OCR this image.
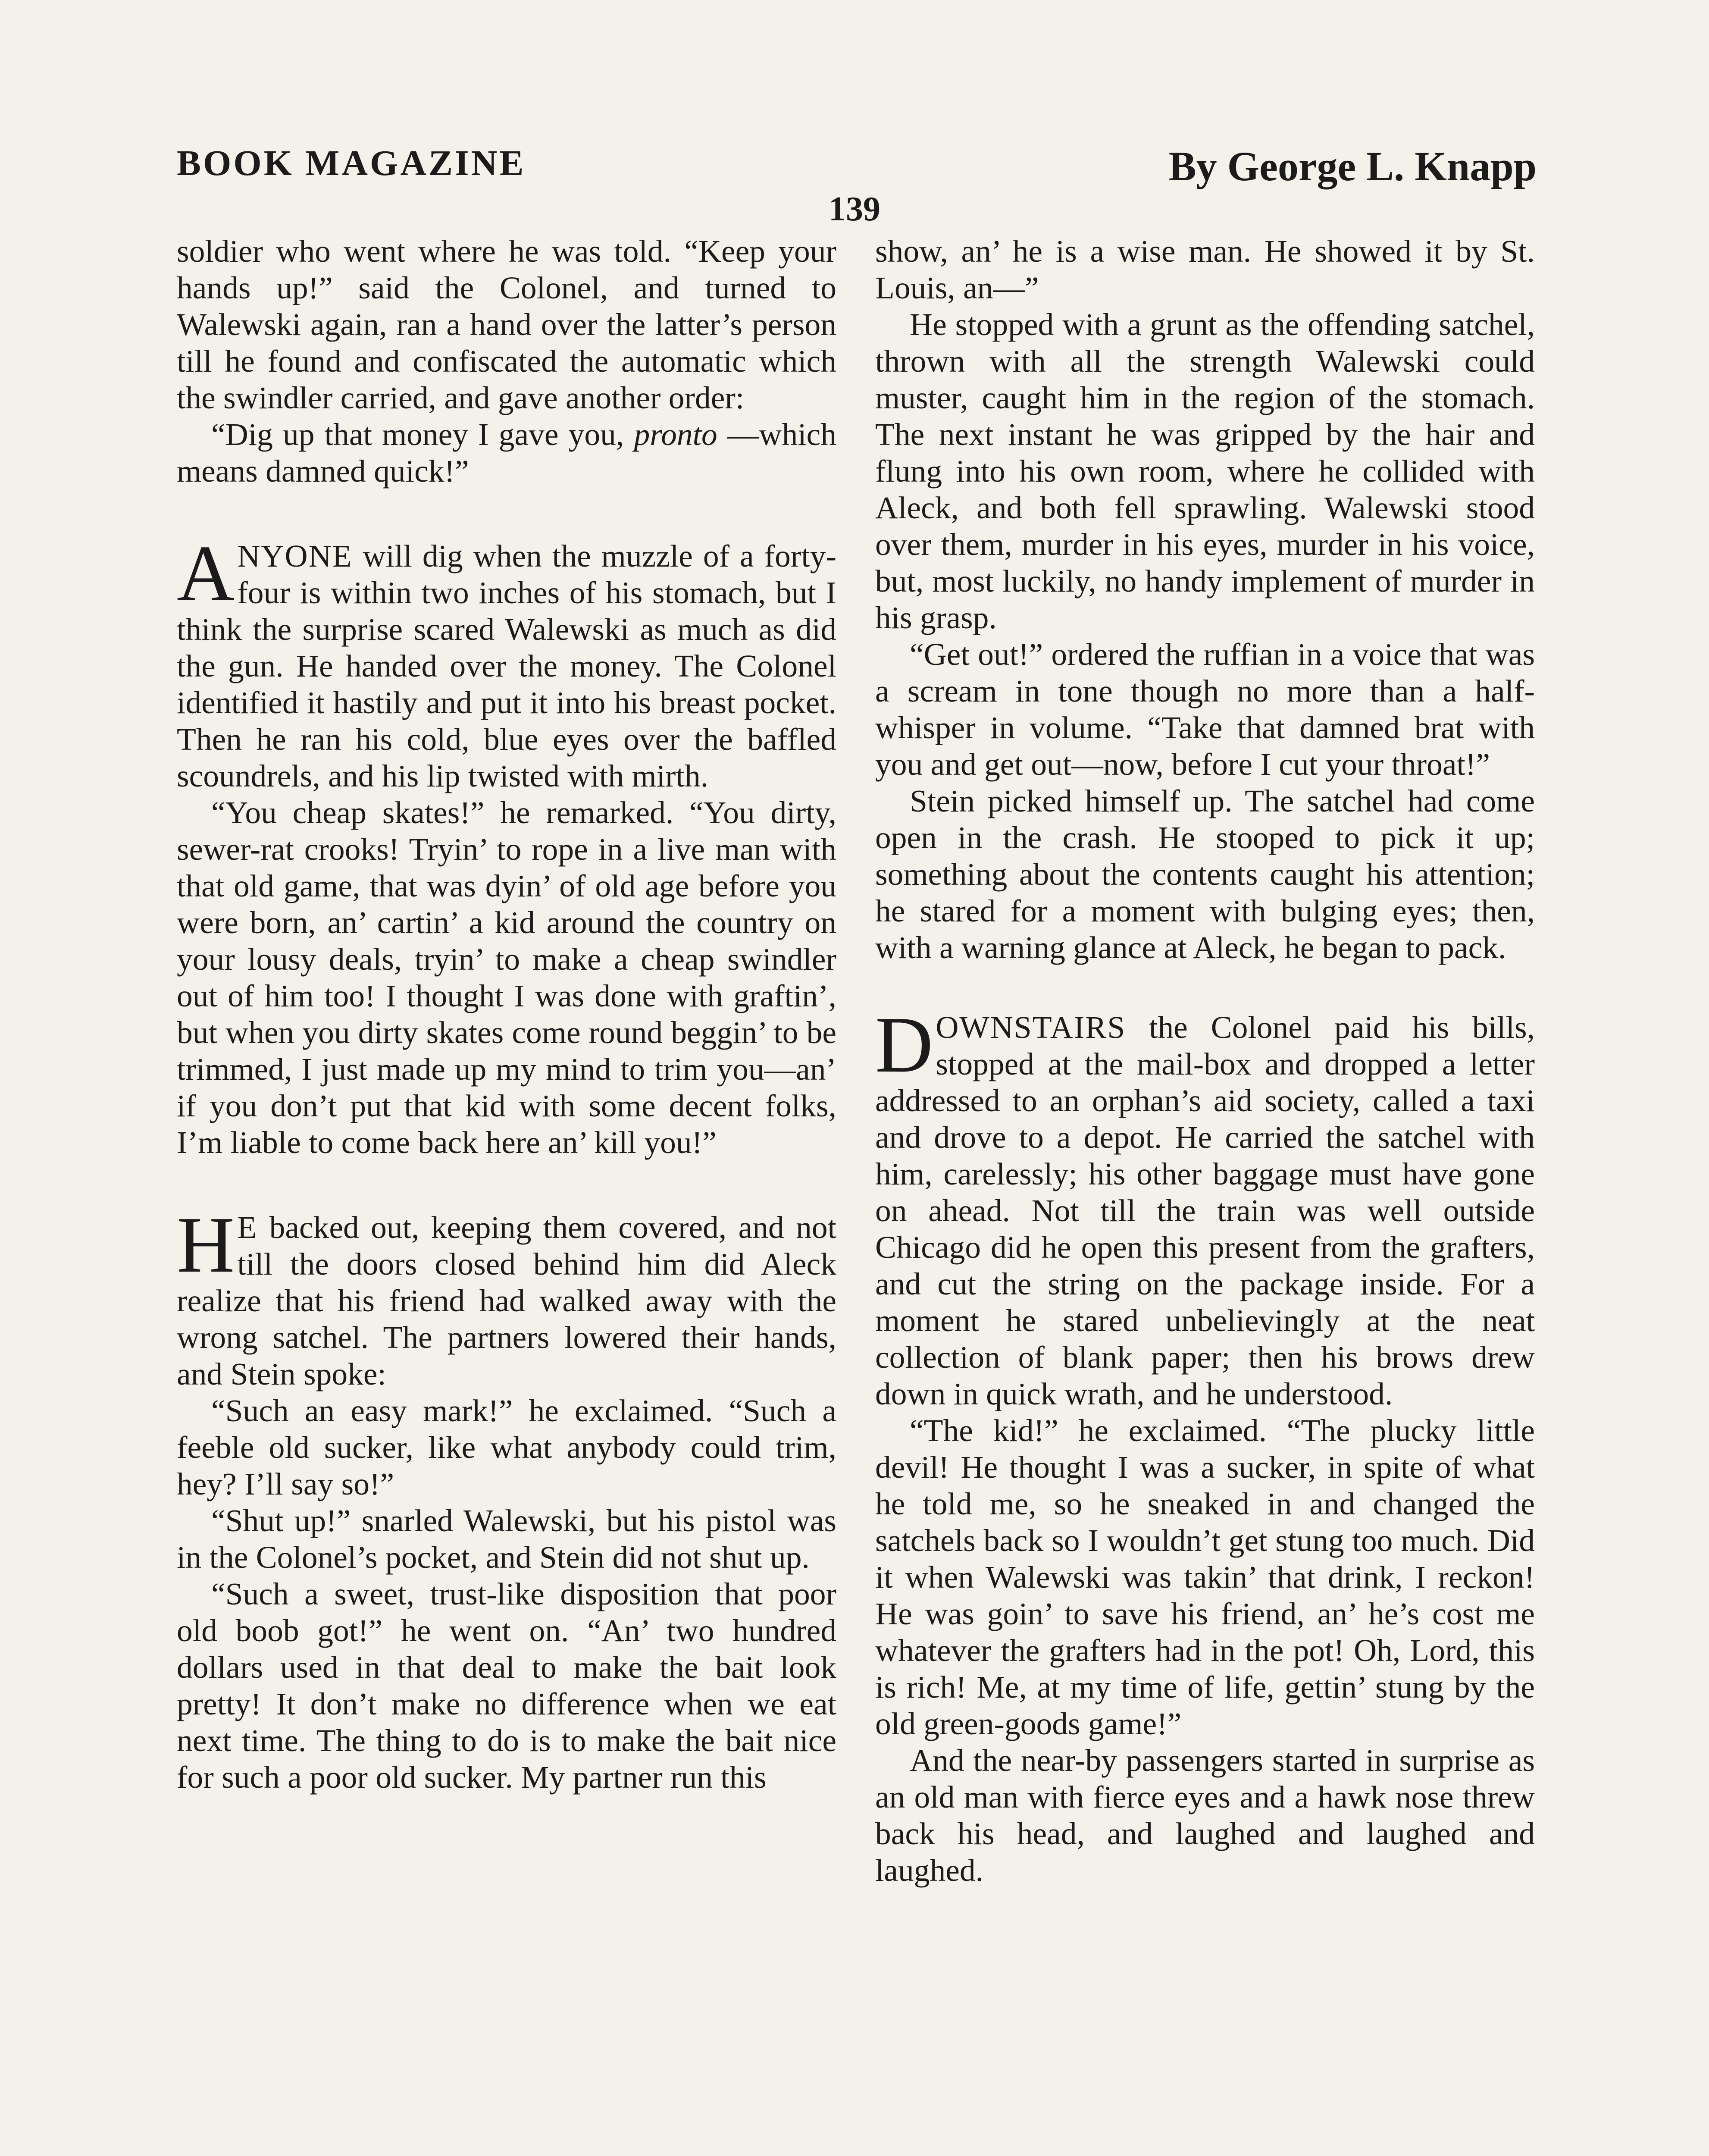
BOOK MAGAZINE	By George L. Knapp
139

soldier who went where he was told. “Keep your hands up!” said the Colonel, and turned to Walewski again, ran a hand over the latter’s person till he found and confiscated the automatic which the swindler carried, and gave another order:

“Dig up that money I gave you, pronto —which means damned quick!”

ANYONE will dig when the muzzle of a forty-four is within two inches of his stomach, but I think the surprise scared Walewski as much as did the gun. He handed over the money. The Colonel identified it hastily and put it into his breast pocket. Then he ran his cold, blue eyes over the baffled scoundrels, and his lip twisted with mirth.

“You cheap skates!” he remarked. “You dirty, sewer-rat crooks! Tryin’ to rope in a live man with that old game, that was dyin’ of old age before you were born, an’ cartin’ a kid around the country on your lousy deals, tryin’ to make a cheap swindler out of him too! I thought I was done with graftin’, but when you dirty skates come round beggin’ to be trimmed, I just made up my mind to trim you—an’ if you don’t put that kid with some decent folks, I’m liable to come back here an’ kill you!”

H E backed out, keeping them covered, and not till the doors closed behind him did Aleck realize that his friend had walked away with the wrong satchel. The partners lowered their hands, and Stein spoke:

“Such an easy mark!” he exclaimed. “Such a feeble old sucker, like what anybody could trim, hey? I’ll say so!”

“Shut up!” snarled Walewski, but his pistol was in the Colonel’s pocket, and Stein did not shut up.

“Such a sweet, trust-like disposition that poor old boob got!” he went on. “An’ two hundred dollars used in that deal to make the bait look pretty! It don’t make no difference when we eat next time. The thing to do is to make the bait nice for such a poor old sucker. My partner run this

show, an’ he is a wise man. He showed it by St. Louis, an—”

He stopped with a grunt as the offending satchel, thrown with all the strength Walewski could muster, caught him in the region of the stomach. The next instant he was gripped by the hair and flung into his own room, where he collided with Aleck, and both fell sprawling. Walewski stood over them, murder in his eyes, murder in his voice, but, most luckily, no handy implement of murder in his grasp.

“Get out!” ordered the ruffian in a voice that was a scream in tone though no more than a half-whisper in volume. “Take that damned brat with you and get out—now, before I cut your throat!”

Stein picked himself up. The satchel had come open in the crash. He stooped to pick it up; something about the contents caught his attention; he stared for a moment with bulging eyes; then, with a warning glance at Aleck, he began to pack.

DOWNSTAIRS the Colonel paid his bills, stopped at the mail-box and dropped a letter addressed to an orphan’s aid society, called a taxi and drove to a depot. He carried the satchel with him, carelessly; his other baggage must have gone on ahead. Not till the train was well outside Chicago did he open this present from the grafters, and cut the string on the package inside. For a moment he stared unbelievingly at the neat collection of blank paper; then his brows drew down in quick wrath, and he understood.

“The kid!” he exclaimed. “The plucky little devil! He thought I was a sucker, in spite of what he told me, so he sneaked in and changed the satchels back so I wouldn’t get stung too much. Did it when Walewski was takin’ that drink, I reckon! He was goin’ to save his friend, an’ he’s cost me whatever the grafters had in the pot! Oh, Lord, this is rich! Me, at my time of life, gettin’ stung by the old green-goods game!”

And the near-by passengers started in surprise as an old man with fierce eyes and a hawk nose threw back his head, and laughed and laughed and laughed.
